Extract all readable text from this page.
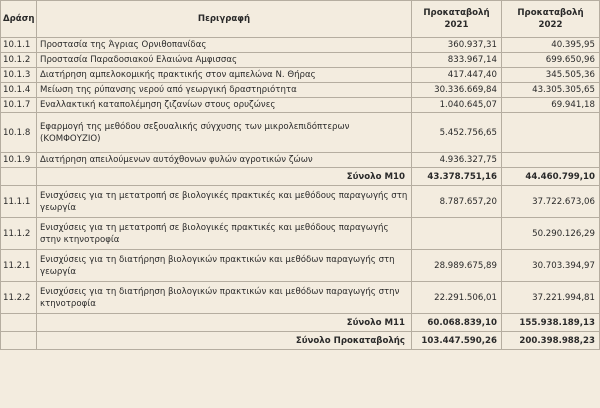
Δράση	Περιγραφή	Προκαταβολή 2021	Προκαταβολή 2022
10.1.1	Προστασία της Άγριας Ορνιθοπανίδας	360.937,31	40.395,95
10.1.2	Προστασία Παραδοσιακού Ελαιώνα Αμφισσας	833.967,14	699.650,96
10.1.3	Διατήρηση αμπελοκομικής πρακτικής στον αμπελώνα Ν. Θήρας	417.447,40	345.505,36
10.1.4	Μείωση της ρύπανσης νερού από γεωργική δραστηριότητα	30.336.669,84	43.305.305,65
10.1.7	Εναλλακτική καταπολέμηση ζιζανίων στους ορυζώνες	1.040.645,07	69.941,18
10.1.8	Εφαρμογή της μεθόδου σεξουαλικής σύγχυσης των μικρολεπιδόπτερων (ΚΟΜΦΟΥΖΙΟ)	5.452.756,65	
10.1.9	Διατήρηση απειλούμενων αυτόχθονων φυλών αγροτικών ζώων	4.936.327,75	
	Σύνολο Μ10	43.378.751,16	44.460.799,10
11.1.1	Ενισχύσεις για τη μετατροπή σε βιολογικές πρακτικές και μεθόδους παραγωγής στη γεωργία	8.787.657,20	37.722.673,06
11.1.2	Ενισχύσεις για τη μετατροπή σε βιολογικές πρακτικές και μεθόδους παραγωγής στην κτηνοτροφία		50.290.126,29
11.2.1	Ενισχύσεις για τη διατήρηση βιολογικών πρακτικών και μεθόδων παραγωγής στη γεωργία	28.989.675,89	30.703.394,97
11.2.2	Ενισχύσεις για τη διατήρηση βιολογικών πρακτικών και μεθόδων παραγωγής στην κτηνοτροφία	22.291.506,01	37.221.994,81
	Σύνολο Μ11	60.068.839,10	155.938.189,13
	Σύνολο Προκαταβολής	103.447.590,26	200.398.988,23
